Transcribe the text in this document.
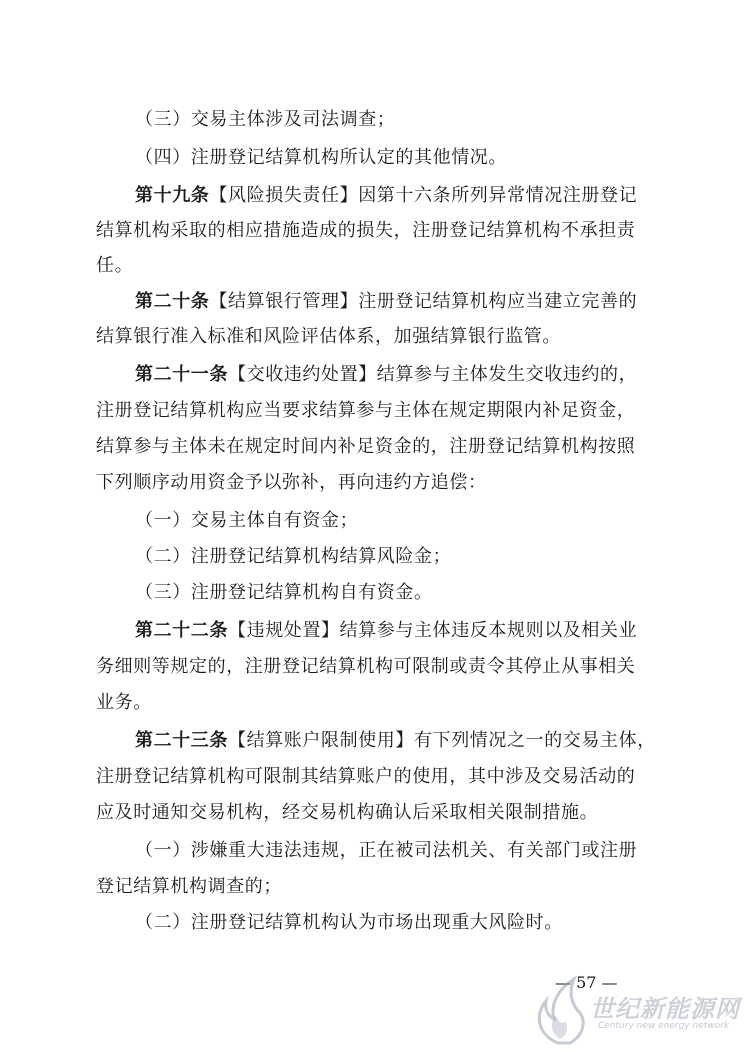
（三）交易主体涉及司法调查；
（四）注册登记结算机构所认定的其他情况。
第十九条【风险损失责任】因第十六条所列异常情况注册登记
结算机构采取的相应措施造成的损失，注册登记结算机构不承担责
任。
第二十条【结算银行管理】注册登记结算机构应当建立完善的
结算银行准入标准和风险评估体系，加强结算银行监管。
第二十一条【交收违约处置】结算参与主体发生交收违约的，
注册登记结算机构应当要求结算参与主体在规定期限内补足资金，
结算参与主体未在规定时间内补足资金的，注册登记结算机构按照
下列顺序动用资金予以弥补，再向违约方追偿：
（一）交易主体自有资金；
（二）注册登记结算机构结算风险金；
（三）注册登记结算机构自有资金。
第二十二条【违规处置】结算参与主体违反本规则以及相关业
务细则等规定的，注册登记结算机构可限制或责令其停止从事相关
业务。
第二十三条【结算账户限制使用】有下列情况之一的交易主体，
注册登记结算机构可限制其结算账户的使用，其中涉及交易活动的
应及时通知交易机构，经交易机构确认后采取相关限制措施。
（一）涉嫌重大违法违规，正在被司法机关、有关部门或注册
登记结算机构调查的；
（二）注册登记结算机构认为市场出现重大风险时。
— 57 —
世纪新能源网
Century new energy network
